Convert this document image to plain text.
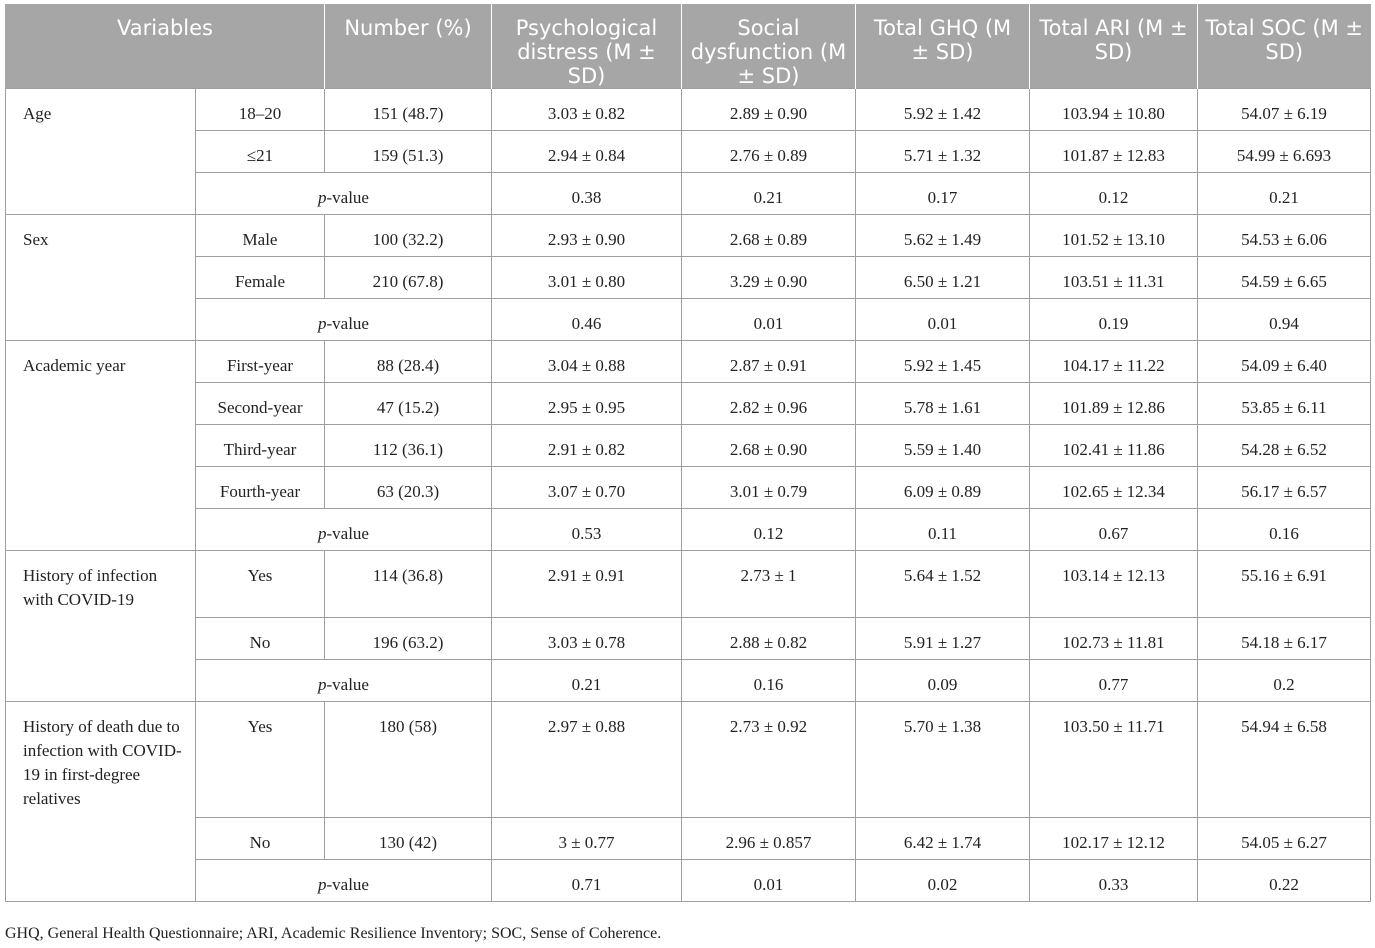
Variables		Number (%)	Psychological distress (M ± SD)	Social dysfunction (M ± SD)	Total GHQ (M ± SD)	Total ARI (M ± SD)	Total SOC (M ± SD)
Age	18–20	151 (48.7)	3.03 ± 0.82	2.89 ± 0.90	5.92 ± 1.42	103.94 ± 10.80	54.07 ± 6.19
	≤21	159 (51.3)	2.94 ± 0.84	2.76 ± 0.89	5.71 ± 1.32	101.87 ± 12.83	54.99 ± 6.693
	p-value		0.38	0.21	0.17	0.12	0.21
Sex	Male	100 (32.2)	2.93 ± 0.90	2.68 ± 0.89	5.62 ± 1.49	101.52 ± 13.10	54.53 ± 6.06
	Female	210 (67.8)	3.01 ± 0.80	3.29 ± 0.90	6.50 ± 1.21	103.51 ± 11.31	54.59 ± 6.65
	p-value		0.46	0.01	0.01	0.19	0.94
Academic year	First-year	88 (28.4)	3.04 ± 0.88	2.87 ± 0.91	5.92 ± 1.45	104.17 ± 11.22	54.09 ± 6.40
	Second-year	47 (15.2)	2.95 ± 0.95	2.82 ± 0.96	5.78 ± 1.61	101.89 ± 12.86	53.85 ± 6.11
	Third-year	112 (36.1)	2.91 ± 0.82	2.68 ± 0.90	5.59 ± 1.40	102.41 ± 11.86	54.28 ± 6.52
	Fourth-year	63 (20.3)	3.07 ± 0.70	3.01 ± 0.79	6.09 ± 0.89	102.65 ± 12.34	56.17 ± 6.57
	p-value		0.53	0.12	0.11	0.67	0.16
History of infection with COVID-19	Yes	114 (36.8)	2.91 ± 0.91	2.73 ± 1	5.64 ± 1.52	103.14 ± 12.13	55.16 ± 6.91
	No	196 (63.2)	3.03 ± 0.78	2.88 ± 0.82	5.91 ± 1.27	102.73 ± 11.81	54.18 ± 6.17
	p-value		0.21	0.16	0.09	0.77	0.2
History of death due to infection with COVID-19 in first-degree relatives	Yes	180 (58)	2.97 ± 0.88	2.73 ± 0.92	5.70 ± 1.38	103.50 ± 11.71	54.94 ± 6.58
	No	130 (42)	3 ± 0.77	2.96 ± 0.857	6.42 ± 1.74	102.17 ± 12.12	54.05 ± 6.27
	p-value		0.71	0.01	0.02	0.33	0.22
GHQ, General Health Questionnaire; ARI, Academic Resilience Inventory; SOC, Sense of Coherence.
